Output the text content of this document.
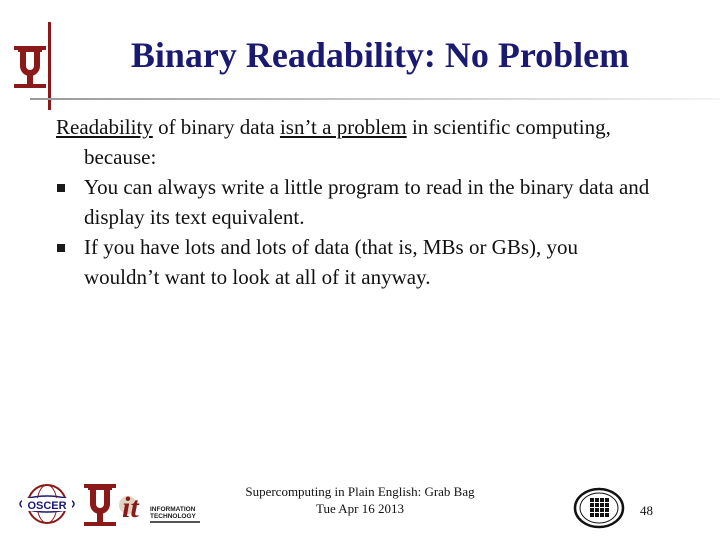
Binary Readability: No Problem

Readability of binary data isn’t a problem in scientific computing, because:

You can always write a little program to read in the binary data and display its text equivalent.
If you have lots and lots of data (that is, MBs or GBs), you wouldn’t want to look at all of it anyway.
OSCER it INFORMATION
TECHNOLOGY
Supercomputing in Plain English: Grab Bag
Tue Apr 16 2013	48
